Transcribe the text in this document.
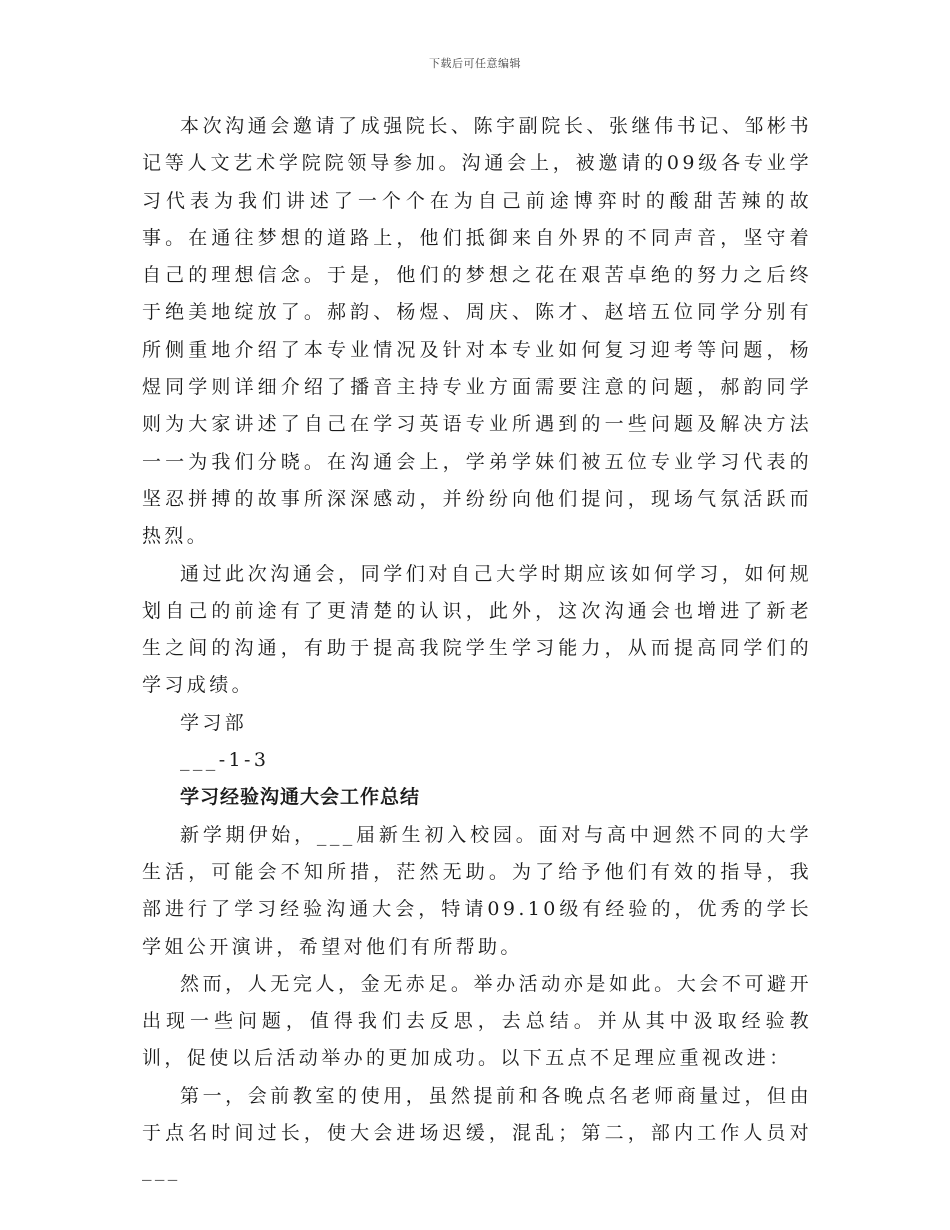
下载后可任意编辑

本次沟通会邀请了成强院长、陈宇副院长、张继伟书记、邹彬书记等人文艺术学院院领导参加。沟通会上，被邀请的09级各专业学习代表为我们讲述了一个个在为自己前途博弈时的酸甜苦辣的故事。在通往梦想的道路上，他们抵御来自外界的不同声音，坚守着自己的理想信念。于是，他们的梦想之花在艰苦卓绝的努力之后终于绝美地绽放了。郝韵、杨煜、周庆、陈才、赵培五位同学分别有所侧重地介绍了本专业情况及针对本专业如何复习迎考等问题，杨煜同学则详细介绍了播音主持专业方面需要注意的问题，郝韵同学则为大家讲述了自己在学习英语专业所遇到的一些问题及解决方法一一为我们分晓。在沟通会上，学弟学妹们被五位专业学习代表的坚忍拼搏的故事所深深感动，并纷纷向他们提问，现场气氛活跃而热烈。

通过此次沟通会，同学们对自己大学时期应该如何学习，如何规划自己的前途有了更清楚的认识，此外，这次沟通会也增进了新老生之间的沟通，有助于提高我院学生学习能力，从而提高同学们的学习成绩。

学习部

___-1-3

学习经验沟通大会工作总结

新学期伊始，___届新生初入校园。面对与高中迥然不同的大学生活，可能会不知所措，茫然无助。为了给予他们有效的指导，我部进行了学习经验沟通大会，特请09.10级有经验的，优秀的学长学姐公开演讲，希望对他们有所帮助。

然而，人无完人，金无赤足。举办活动亦是如此。大会不可避开出现一些问题，值得我们去反思，去总结。并从其中汲取经验教训，促使以后活动举办的更加成功。以下五点不足理应重视改进：

第一，会前教室的使用，虽然提前和各晚点名老师商量过，但由于点名时间过长，使大会进场迟缓，混乱；第二，部内工作人员对___
